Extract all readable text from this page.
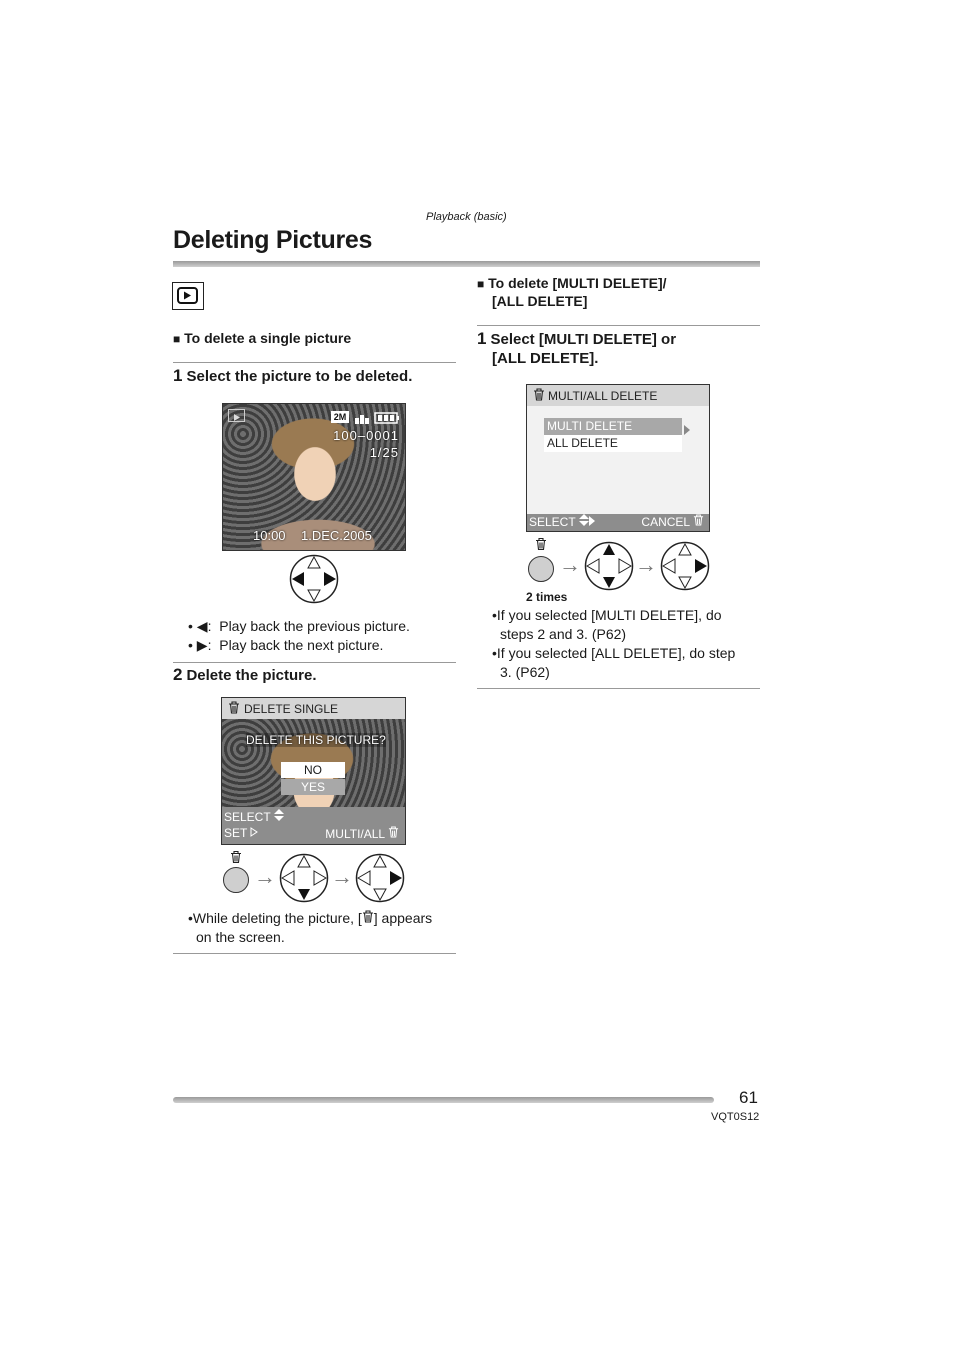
Playback (basic)
Deleting Pictures
■ To delete a single picture
1 Select the picture to be deleted.
2M
100–0001
1/25
10:00 1.DEC.2005
• ◀: Play back the previous picture.
• ▶: Play back the next picture.
2 Delete the picture.
DELETE SINGLE
DELETE THIS PICTURE?
NO
YES
SELECT
SET	MULTI/ALL
→	→
•While deleting the picture, [ ] appears
on the screen.
■ To delete [MULTI DELETE]/
[ALL DELETE]
1 Select [MULTI DELETE] or
[ALL DELETE].
MULTI/ALL DELETE
MULTI DELETE
ALL DELETE
SELECT	CANCEL
→ →
2 times
•If you selected [MULTI DELETE], do
steps 2 and 3. (P62)
•If you selected [ALL DELETE], do step
3. (P62)
61
VQT0S12
